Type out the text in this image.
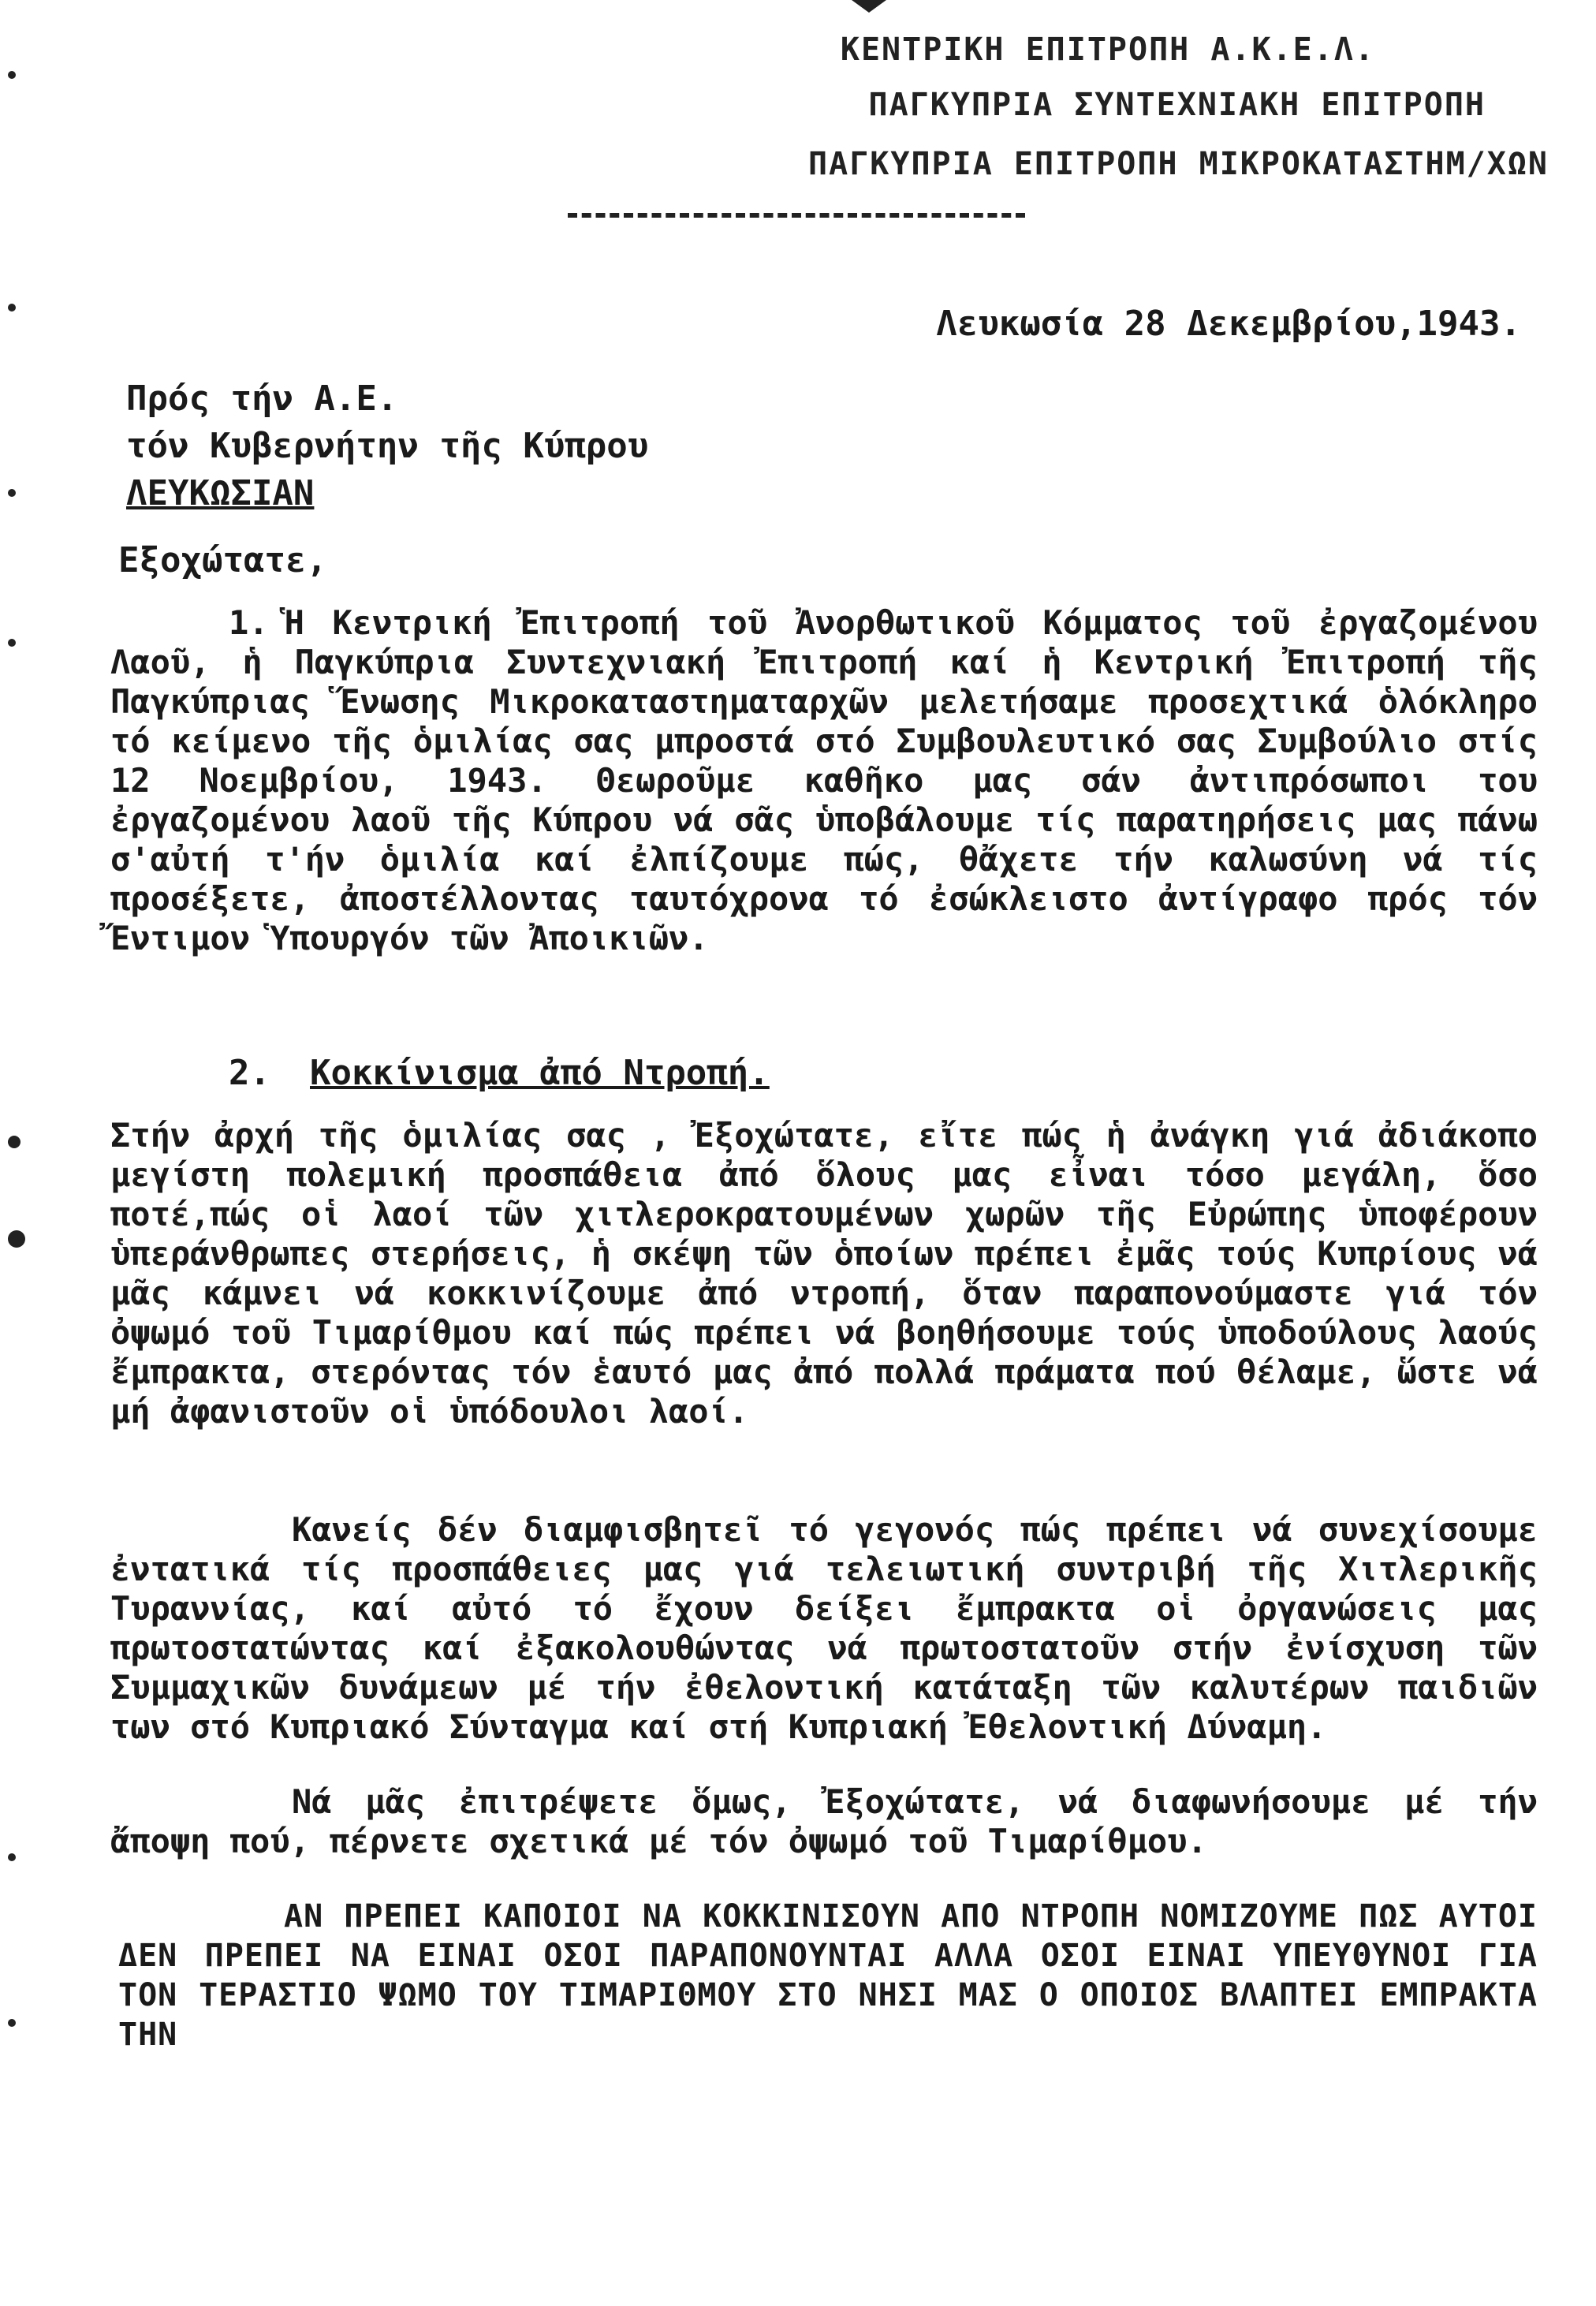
ΚΕΝΤΡΙΚΗ ΕΠΙΤΡΟΠΗ Α.Κ.Ε.Λ.
ΠΑΓΚΥΠΡΙΑ ΣΥΝΤΕΧΝΙΑΚΗ ΕΠΙΤΡΟΠΗ
ΠΑΓΚΥΠΡΙΑ ΕΠΙΤΡΟΠΗ ΜΙΚΡΟΚΑΤΑΣΤΗΜ/ΧΩΝ
Λευκωσία 28 Δεκεμβρίου,1943.
Πρός τήν Α.Ε.
τόν Κυβερνήτην τῆς Κύπρου
ΛΕΥΚΩΣΙΑΝ
Εξοχώτατε,
1. Ἡ Κεντρική Ἐπιτροπή τοῦ Ἀνορθωτικοῦ Κόμματος τοῦ ἐργαζομένου Λαοῦ, ἡ Παγκύπρια Συντεχνιακή Ἐπιτροπή καί ἡ Κεντρική Ἐπιτροπή τῆς Παγκύπριας Ἕνωσης Μικροκαταστηματαρχῶν μελετήσαμε προσεχτικά ὁλόκληρο τό κείμενο τῆς ὁμιλίας σας μπροστά στό Συμβουλευτικό σας Συμβούλιο στίς 12 Νοεμβρίου, 1943. Θεωροῦμε καθῆκο μας σάν ἀντιπρόσωποι του ἐργαζομένου λαοῦ τῆς Κύπρου νά σᾶς ὑποβάλουμε τίς παρατηρήσεις μας πάνω σ'αὐτή τ'ήν ὁμιλία καί ἐλπίζουμε πώς, θἄχετε τήν καλωσύνη νά τίς προσέξετε, ἀποστέλλοντας ταυτόχρονα τό ἐσώκλειστο ἀντίγραφο πρός τόν Ἔντιμον Ὑπουργόν τῶν Ἀποικιῶν.
2. Κοκκίνισμα ἀπό Ντροπή.
Στήν ἀρχή τῆς ὁμιλίας σας , Ἐξοχώτατε, εἴτε πώς ἡ ἀνάγκη γιά ἀδιάκοπο μεγίστη πολεμική προσπάθεια ἀπό ὅλους μας εἶναι τόσο μεγάλη, ὅσο ποτέ,πώς οἱ λαοί τῶν χιτλεροκρατουμένων χωρῶν τῆς Εὐρώπης ὑποφέρουν ὑπεράνθρωπες στερήσεις, ἡ σκέψη τῶν ὁποίων πρέπει ἐμᾶς τούς Κυπρίους νά μᾶς κάμνει νά κοκκινίζουμε ἀπό ντροπή, ὅταν παραπονούμαστε γιά τόν ὀψωμό τοῦ Τιμαρίθμου καί πώς πρέπει νά βοηθήσουμε τούς ὑποδούλους λαούς ἔμπρακτα, στερόντας τόν ἑαυτό μας ἀπό πολλά πράματα πού θέλαμε, ὥστε νά μή ἀφανιστοῦν οἱ ὑπόδουλοι λαοί.
Κανείς δέν διαμφισβητεῖ τό γεγονός πώς πρέπει νά συνεχίσουμε ἐντατικά τίς προσπάθειες μας γιά τελειωτική συντριβή τῆς Χιτλερικῆς Τυραννίας, καί αὐτό τό ἔχουν δείξει ἔμπρακτα οἱ ὀργανώσεις μας πρωτοστατώντας καί ἐξακολουθώντας νά πρωτοστατοῦν στήν ἐνίσχυση τῶν Συμμαχικῶν δυνάμεων μέ τήν ἐθελοντική κατάταξη τῶν καλυτέρων παιδιῶν των στό Κυπριακό Σύνταγμα καί στή Κυπριακή Ἐθελοντική Δύναμη.
Νά μᾶς ἐπιτρέψετε ὅμως, Ἐξοχώτατε, νά διαφωνήσουμε μέ τήν ἄποψη πού, πέρνετε σχετικά μέ τόν ὀψωμό τοῦ Τιμαρίθμου.
ΑΝ ΠΡΕΠΕΙ ΚΑΠΟΙΟΙ ΝΑ ΚΟΚΚΙΝΙΣΟΥΝ ΑΠΟ ΝΤΡΟΠΗ ΝΟΜΙΖΟΥΜΕ ΠΩΣ ΑΥΤΟΙ ΔΕΝ ΠΡΕΠΕΙ ΝΑ ΕΙΝΑΙ ΟΣΟΙ ΠΑΡΑΠΟΝΟΥΝΤΑΙ ΑΛΛΑ ΟΣΟΙ ΕΙΝΑΙ ΥΠΕΥΘΥΝΟΙ ΓΙΑ ΤΟΝ ΤΕΡΑΣΤΙΟ ΨΩΜΟ ΤΟΥ ΤΙΜΑΡΙΘΜΟΥ ΣΤΟ ΝΗΣΙ ΜΑΣ Ο ΟΠΟΙΟΣ ΒΛΑΠΤΕΙ ΕΜΠΡΑΚΤΑ ΤΗΝ
